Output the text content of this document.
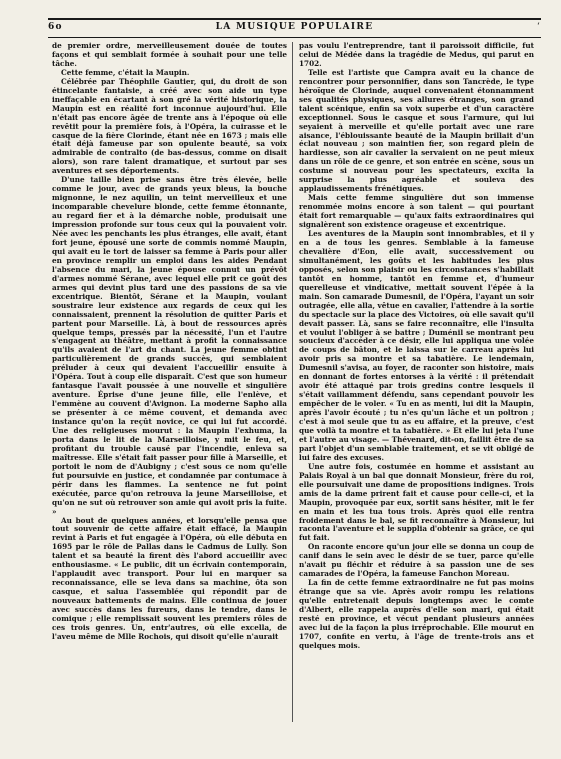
6o	LA MUSIQUE POPULAIRE	‘

de premier ordre, merveilleusement douée de toutes façons et qui semblait formée à souhait pour une telle tâche.

Cette femme, c'était la Maupin.

Célébrée par Théophile Gautier, qui, du droit de son étincelante fantaisie, a créé avec son aide un type ineffaçable en écartant à son gré la vérité historique, la Maupin est en réalité fort inconnue aujourd'hui. Elle n'était pas encore âgée de trente ans à l'époque où elle revêtit pour la première fois, à l'Opéra, la cuirasse et le casque de la fière Clorinde, étant née en 1673 ; mais elle était déjà fameuse par son opulente beauté, sa voix admirable de contralto (de bas-dessus, comme on disait alors), son rare talent dramatique, et surtout par ses aventures et ses déportements.

D'une taille bien prise sans être très élevée, belle comme le jour, avec de grands yeux bleus, la bouche mignonne, le nez aquilin, un teint merveilleux et une incomparable chevelure blonde, cette femme étonnante, au regard fier et à la démarche noble, produisait une impression profonde sur tous ceux qui la pouvaient voir. Née avec les penchants les plus étranges, elle avait, étant fort jeune, épousé une sorte de commis nommé Maupin, qui avait eu le tort de laisser sa femme à Paris pour aller en province remplir un emploi dans les aides Pendant l'absence du mari, la jeune épouse connut un prévôt d'armes nommé Sérane, avec lequel elle prit ce goût des armes qui devint plus tard une des passions de sa vie excentrique. Bientôt, Sérane et la Maupin, voulant soustraire leur existence aux regards de ceux qui les connaissaient, prennent la résolution de quitter Paris et partent pour Marseille. Là, à bout de ressources après quelque temps, pressés par la nécessité, l'un et l'autre s'engagent au théâtre, mettant à profit la connaissance qu'ils avaient de l'art du chant. La jeune femme obtint particulièrement de grands succès, qui semblaient préluder à ceux qui devaient l'accueillir ensuite à l'Opéra. Tout à coup elle disparaît. C'est que son humeur fantasque l'avait poussée à une nouvelle et singulière aventure. Éprise d'une jeune fille, elle l'enlève, et l'emmène au couvent d'Avignon. La moderne Sapho alla se présenter à ce même couvent, et demanda avec instance qu'on la reçût novice, ce qui lui fut accordé. Une des religieuses mourut : la Maupin l'exhuma, la porta dans le lit de la Marseilloise, y mit le feu, et, profitant du trouble causé par l'incendie, enleva sa maîtresse. Elle s'était fait passer pour fille à Marseille, et portoit le nom de d'Aubigny ; c'est sous ce nom qu'elle fut poursuivie en justice, et condamnée par contumace à périr dans les flammes. La sentence ne fut point exécutée, parce qu'on retrouva la jeune Marseilloise, et qu'on ne sut où retrouver son amie qui avoit pris la fuite. »

Au bout de quelques années, et lorsqu'elle pensa que tout souvenir de cette affaire était effacé, la Maupin revint à Paris et fut engagée à l'Opéra, où elle débuta en 1695 par le rôle de Pallas dans le Cadmus de Lully. Son talent et sa beauté la firent dès l'abord accueillir avec enthousiasme. « Le public, dit un écrivain contemporain, l'applaudit avec transport. Pour lui en marquer sa reconnaissance, elle se leva dans sa machine, ôta son casque, et salua l'assemblée qui répondit par de nouveaux battements de mains. Elle continua de jouer avec succès dans les fureurs, dans le tendre, dans le comique ; elle remplissait souvent les premiers rôles de ces trois genres. Un, entr'autres, où elle excella, de l'aveu même de Mlle Rochois, qui disoit qu'elle n'aurait

pas voulu l'entreprendre, tant il paroissoit difficile, fut celui de Médée dans la tragédie de Medus, qui parut en 1702.

Telle est l'artiste que Campra avait eu la chance de rencontrer pour personnifier, dans son Tancrède, le type héroïque de Clorinde, auquel convenaient étonnamment ses qualités physiques, ses allures étranges, son grand talent scénique, enfin sa voix superbe et d'un caractère exceptionnel. Sous le casque et sous l'armure, qui lui seyaient à merveille et qu'elle portait avec une rare aisance, l'éblouissante beauté de la Maupin brillait d'un éclat nouveau ; son maintien fier, son regard plein de hardiesse, son air cavalier la servaient on ne peut mieux dans un rôle de ce genre, et son entrée en scène, sous un costume si nouveau pour les spectateurs, excita la surprise la plus agréable et souleva des applaudissements frénétiques.

Mais cette femme singulière dut son immense renommée moins encore à son talent — qui pourtant était fort remarquable — qu'aux faits extraordinaires qui signalèrent son existence orageuse et excentrique.

Les aventures de la Maupin sont innombrables, et il y en a de tous les genres. Semblable à la fameuse chevalière d'Eon, elle avait, successivement ou simultanément, les goûts et les habitudes les plus opposés, selon son plaisir ou les circonstances s'habillait tantôt en homme, tantôt en femme et, d'humeur querelleuse et vindicative, mettait souvent l'épée à la main. Son camarade Dumesnil, de l'Opéra, l'ayant un soir outragée, elle alla, vêtue en cavalier, l'attendre à la sortie du spectacle sur la place des Victoires, où elle savait qu'il devait passer. Là, sans se faire reconnaître, elle l'insulta et voulut l'obliger à se battre ; Duménil se montrant peu soucieux d'accéder à ce désir, elle lui appliqua une volée de coups de bâton, et le laissa sur le carreau après lui avoir pris sa montre et sa tabatière. Le lendemain, Dumesnil s'avisa, au foyer, de raconter son histoire, mais en donnant de fortes entorses à la vérité : il prétendait avoir été attaqué par trois gredins contre lesquels il s'était vaillamment défendu, sans cependant pouvoir les empêcher de le voler. « Tu en as menti, lui dit la Maupin, après l'avoir écouté ; tu n'es qu'un lâche et un poltron ; c'est à moi seule que tu as eu affaire, et la preuve, c'est que voilà ta montre et ta tabatière. » Et elle lui jeta l'une et l'autre au visage. — Thévenard, dit-on, faillit être de sa part l'objet d'un semblable traitement, et se vit obligé de lui faire des excuses.

Une autre fois, costumée en homme et assistant au Palais Royal à un bal que donnait Monsieur, frère du roi, elle poursuivait une dame de propositions indignes. Trois amis de la dame prirent fait et cause pour celle-ci, et la Maupin, provoquée par eux, sortit sans hésiter, mit le fer en main et les tua tous trois. Après quoi elle rentra froidement dans le bal, se fit reconnaître à Monsieur, lui raconta l'aventure et le supplia d'obtenir sa grâce, ce qui fut fait.

On raconte encore qu'un jour elle se donna un coup de canif dans le sein avec le désir de se tuer, parce qu'elle n'avait pu fléchir et réduire à sa passion une de ses camarades de l'Opéra, la fameuse Fanchon Moreau.

La fin de cette femme extraordinaire ne fut pas moins étrange que sa vie. Après avoir rompu les relations qu'elle entretenait depuis longtemps avec le comte d'Albert, elle rappela auprès d'elle son mari, qui était resté en province, et vécut pendant plusieurs années avec lui de la façon la plus irréprochable. Elle mourut en 1707, confite en vertu, à l'âge de trente-trois ans et quelques mois.
